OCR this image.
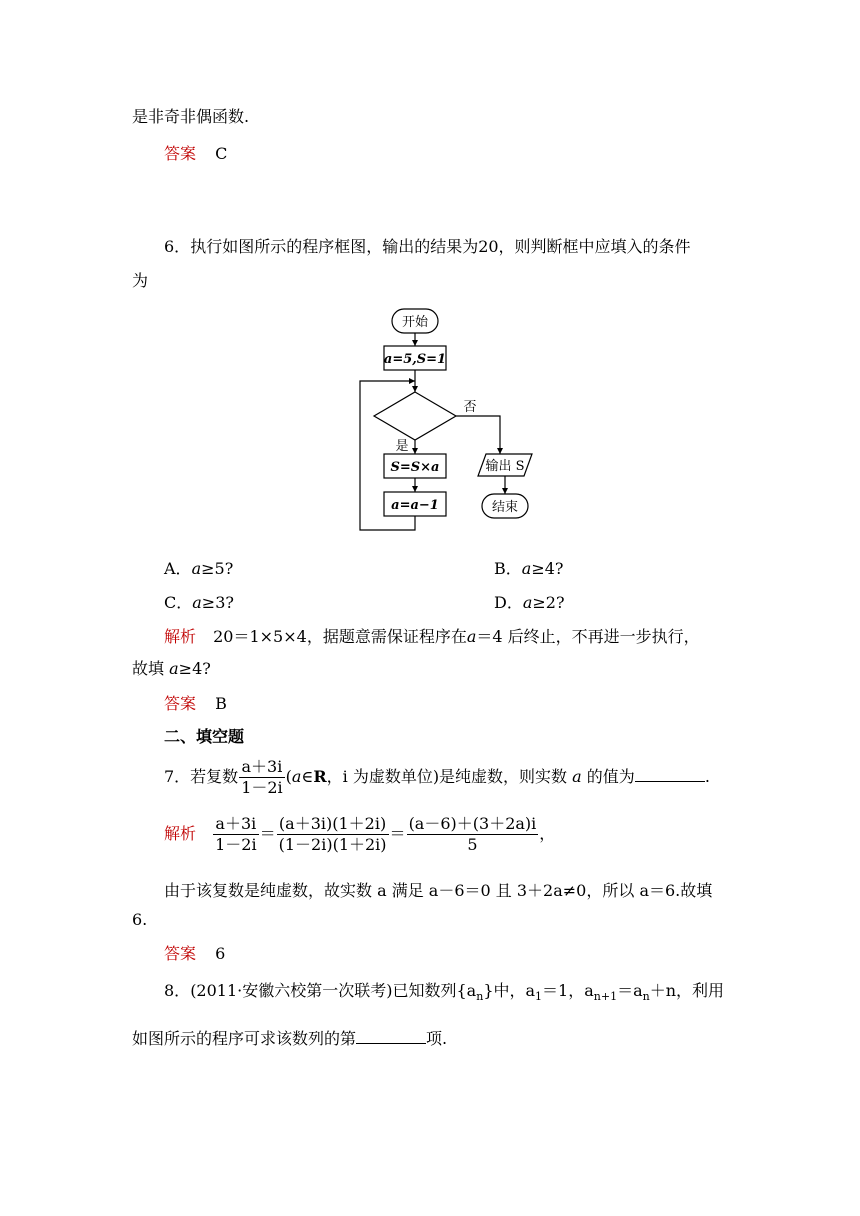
是非奇非偶函数.
答案 C
6．执行如图所示的程序框图，输出的结果为20，则判断框中应填入的条件
为
开始
a=5,S=1
否
是
S=S×a
a=a−1
输出 S
结束
A．a≥5?	B．a≥4?
C．a≥3?	D．a≥2?
解析 20＝1×5×4，据题意需保证程序在a＝4 后终止，不再进一步执行，
故填 a≥4?
答案 B
二、填空题
7．若复数 $\frac{a+3i}{1-2i}$ (a∈R，i 为虚数单位)是纯虚数，则实数 a 的值为	.
解析 $\frac{a+3i}{1-2i} = \frac{(a+3i)(1+2i)}{(1-2i)(1+2i)} = \frac{(a-6)+(3+2a)i}{5}$ ，
由于该复数是纯虚数，故实数 a 满足 a－6＝0 且 3＋2a≠0，所以 a＝6.故填
6.
答案 6
8．(2011·安徽六校第一次联考)已知数列$\{a_n\}$中，$a_1=1$，$a_{n+1}=a_n+n$，利用
如图所示的程序可求该数列的第	项.
